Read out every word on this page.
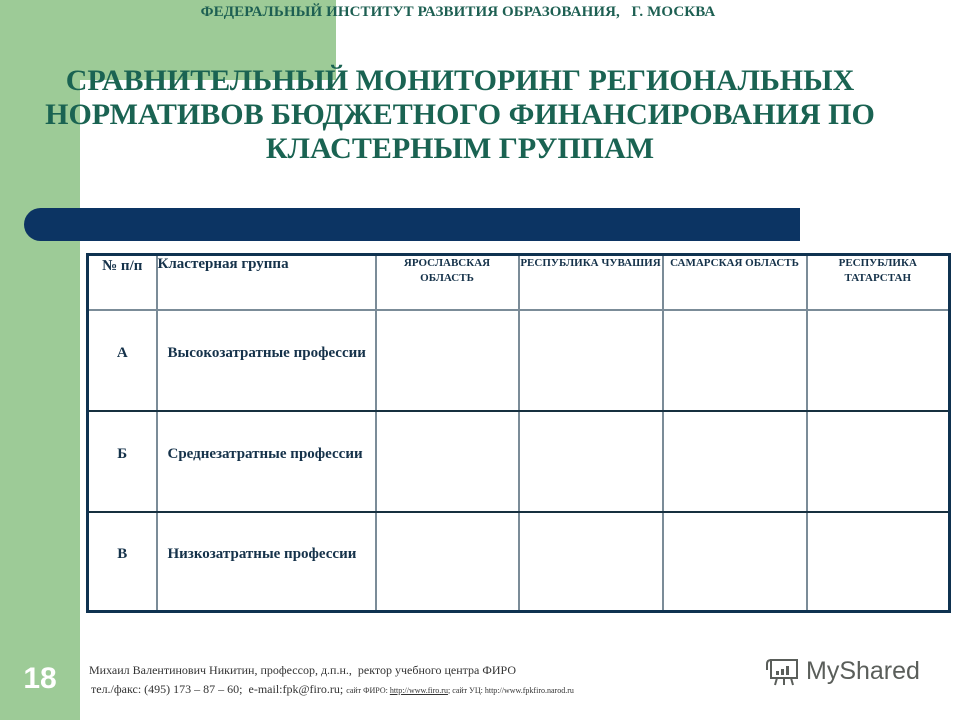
ФЕДЕРАЛЬНЫЙ ИНСТИТУТ РАЗВИТИЯ ОБРАЗОВАНИЯ,   Г. МОСКВА
СРАВНИТЕЛЬНЫЙ МОНИТОРИНГ РЕГИОНАЛЬНЫХ НОРМАТИВОВ БЮДЖЕТНОГО ФИНАНСИРОВАНИЯ ПО КЛАСТЕРНЫМ ГРУППАМ
№ п/п	Кластерная группа	ЯРОСЛАВСКАЯ ОБЛАСТЬ	РЕСПУБЛИКА ЧУВАШИЯ	САМАРСКАЯ ОБЛАСТЬ	РЕСПУБЛИКА ТАТАРСТАН
А	Высокозатратные профессии				
Б	Среднезатратные профессии				
В	Низкозатратные профессии				
18	Михаил Валентинович Никитин, профессор, д.п.н.,  ректор учебного центра ФИРО
тел./факс: (495) 173 – 87 – 60;  e-mail:fpk@firo.ru; сайт ФИРО: http://www.firo.ru; сайт УЦ: http://www.fpkfiro.narod.ru
MyShared
